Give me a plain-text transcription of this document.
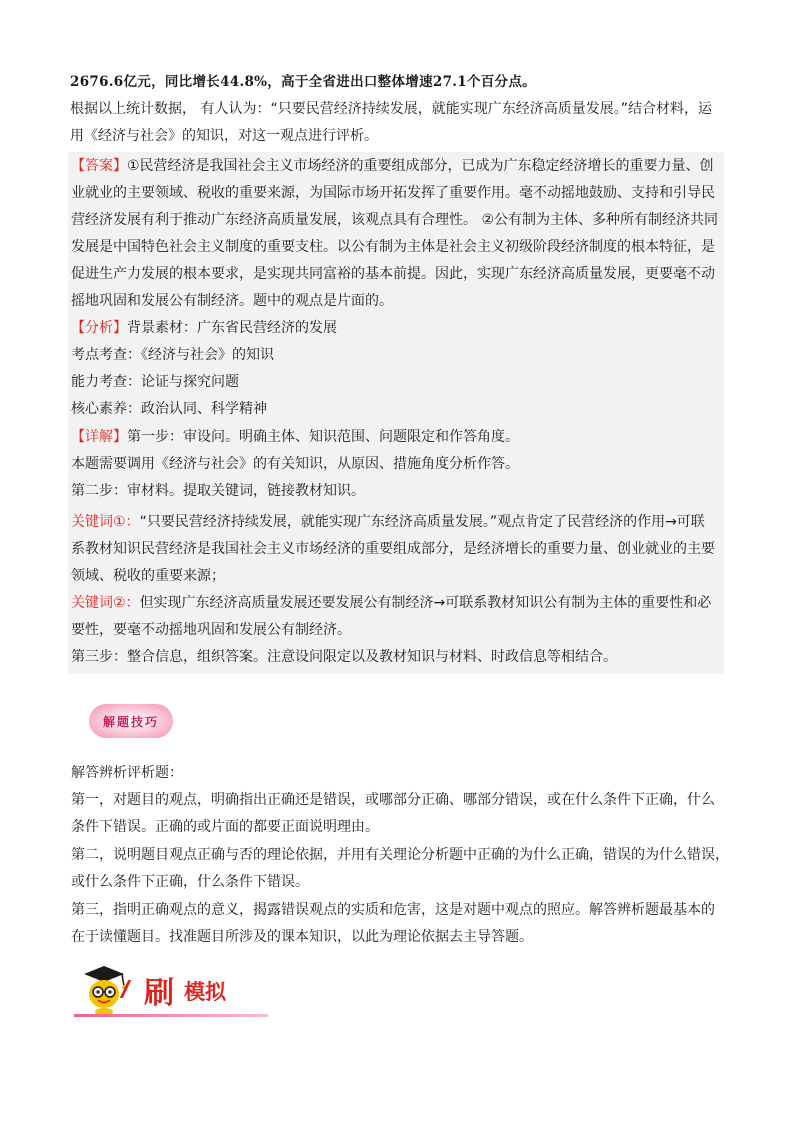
2676.6亿元，同比增长44.8%，高于全省进出口整体增速27.1个百分点。
根据以上统计数据， 有人认为：“只要民营经济持续发展，就能实现广东经济高质量发展。”结合材料，运
用《经济与社会》的知识，对这一观点进行评析。
【答案】①民营经济是我国社会主义市场经济的重要组成部分，已成为广东稳定经济增长的重要力量、创
业就业的主要领域、税收的重要来源，为国际市场开拓发挥了重要作用。毫不动摇地鼓励、支持和引导民
营经济发展有利于推动广东经济高质量发展，该观点具有合理性。 ②公有制为主体、多种所有制经济共同
发展是中国特色社会主义制度的重要支柱。以公有制为主体是社会主义初级阶段经济制度的根本特征，是
促进生产力发展的根本要求，是实现共同富裕的基本前提。因此，实现广东经济高质量发展，更要毫不动
摇地巩固和发展公有制经济。题中的观点是片面的。
【分析】背景素材：广东省民营经济的发展
考点考查：《经济与社会》的知识
能力考查：论证与探究问题
核心素养：政治认同、科学精神
【详解】第一步：审设问。明确主体、知识范围、问题限定和作答角度。
本题需要调用《经济与社会》的有关知识，从原因、措施角度分析作答。
第二步：审材料。提取关键词，链接教材知识。
关键词①：“只要民营经济持续发展，就能实现广东经济高质量发展。”观点肯定了民营经济的作用→可联
系教材知识民营经济是我国社会主义市场经济的重要组成部分，是经济增长的重要力量、创业就业的主要
领域、税收的重要来源；
关键词②：但实现广东经济高质量发展还要发展公有制经济→可联系教材知识公有制为主体的重要性和必
要性，要毫不动摇地巩固和发展公有制经济。
第三步：整合信息，组织答案。注意设问限定以及教材知识与材料、时政信息等相结合。
解题技巧
解答辨析评析题：
第一，对题目的观点，明确指出正确还是错误，或哪部分正确、哪部分错误，或在什么条件下正确，什么
条件下错误。正确的或片面的都要正面说明理由。
第二，说明题目观点正确与否的理论依据，并用有关理论分析题中正确的为什么正确，错误的为什么错误，
或什么条件下正确，什么条件下错误。
第三，指明正确观点的意义，揭露错误观点的实质和危害，这是对题中观点的照应。解答辨析题最基本的
在于读懂题目。找准题目所涉及的课本知识，以此为理论依据去主导答题。
刷 模拟
